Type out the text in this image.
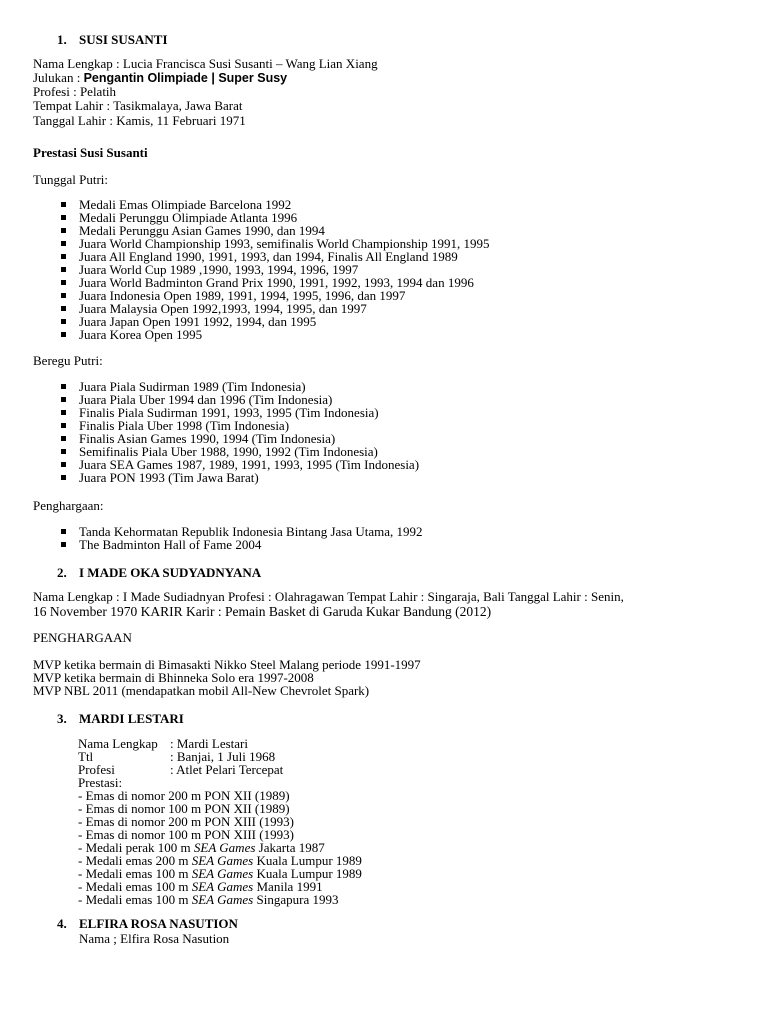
1. SUSI SUSANTI
Nama Lengkap : Lucia Francisca Susi Susanti – Wang Lian Xiang
Julukan : Pengantin Olimpiade | Super Susy
Profesi : Pelatih
Tempat Lahir : Tasikmalaya, Jawa Barat
Tanggal Lahir : Kamis, 11 Februari 1971
Prestasi Susi Susanti
Tunggal Putri:
Medali Emas Olimpiade Barcelona 1992
Medali Perunggu Olimpiade Atlanta 1996
Medali Perunggu Asian Games 1990, dan 1994
Juara World Championship 1993, semifinalis World Championship 1991, 1995
Juara All England 1990, 1991, 1993, dan 1994, Finalis All England 1989
Juara World Cup 1989 ,1990, 1993, 1994, 1996, 1997
Juara World Badminton Grand Prix 1990, 1991, 1992, 1993, 1994 dan 1996
Juara Indonesia Open 1989, 1991, 1994, 1995, 1996, dan 1997
Juara Malaysia Open 1992,1993, 1994, 1995, dan 1997
Juara Japan Open 1991 1992, 1994, dan 1995
Juara Korea Open 1995
Beregu Putri:
Juara Piala Sudirman 1989 (Tim Indonesia)
Juara Piala Uber 1994 dan 1996 (Tim Indonesia)
Finalis Piala Sudirman 1991, 1993, 1995 (Tim Indonesia)
Finalis Piala Uber 1998 (Tim Indonesia)
Finalis Asian Games 1990, 1994 (Tim Indonesia)
Semifinalis Piala Uber 1988, 1990, 1992 (Tim Indonesia)
Juara SEA Games 1987, 1989, 1991, 1993, 1995 (Tim Indonesia)
Juara PON 1993 (Tim Jawa Barat)
Penghargaan:
Tanda Kehormatan Republik Indonesia Bintang Jasa Utama, 1992
The Badminton Hall of Fame 2004
2. I MADE OKA SUDYADNYANA
Nama Lengkap : I Made Sudiadnyan Profesi : Olahragawan Tempat Lahir : Singaraja, Bali Tanggal Lahir : Senin,
16 November 1970 KARIR Karir : Pemain Basket di Garuda Kukar Bandung (2012)
PENGHARGAAN
MVP ketika bermain di Bimasakti Nikko Steel Malang periode 1991-1997
MVP ketika bermain di Bhinneka Solo era 1997-2008
MVP NBL 2011 (mendapatkan mobil All-New Chevrolet Spark)
3. MARDI LESTARI
Nama Lengkap : Mardi Lestari
Ttl	: Banjai, 1 Juli 1968
Profesi	: Atlet Pelari Tercepat
Prestasi:
- Emas di nomor 200 m PON XII (1989)
- Emas di nomor 100 m PON XII (1989)
- Emas di nomor 200 m PON XIII (1993)
- Emas di nomor 100 m PON XIII (1993)
- Medali perak 100 m SEA Games Jakarta 1987
- Medali emas 200 m SEA Games Kuala Lumpur 1989
- Medali emas 100 m SEA Games Kuala Lumpur 1989
- Medali emas 100 m SEA Games Manila 1991
- Medali emas 100 m SEA Games Singapura 1993
4. ELFIRA ROSA NASUTION
Nama ; Elfira Rosa Nasution
